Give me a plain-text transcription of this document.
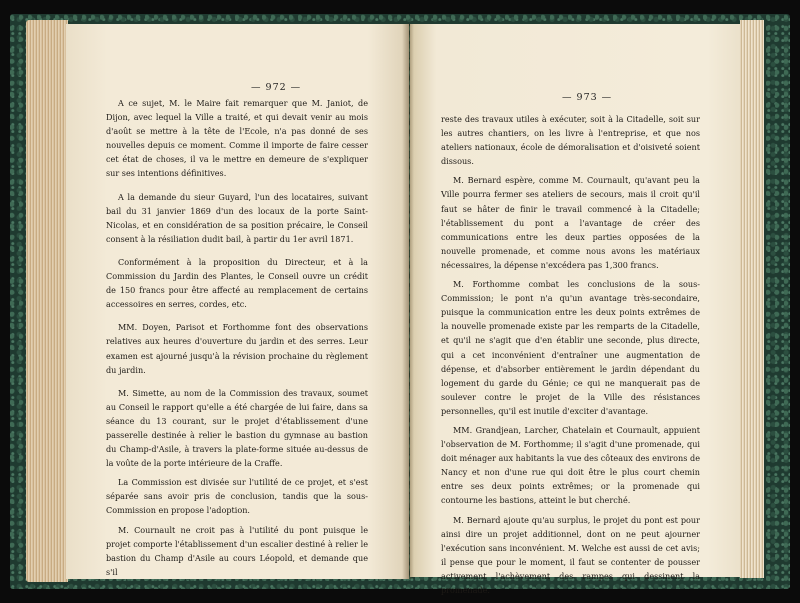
— 972 —

A ce sujet, M. le Maire fait remarquer que M. Janiot, de Dijon, avec lequel la Ville a traité, et qui devait venir au mois d'août se mettre à la tête de l'Ecole, n'a pas donné de ses nouvelles depuis ce moment. Comme il importe de faire cesser cet état de choses, il va le mettre en demeure de s'expliquer sur ses intentions définitives.

A la demande du sieur Guyard, l'un des locataires, suivant bail du 31 janvier 1869 d'un des locaux de la porte Saint-Nicolas, et en considération de sa position précaire, le Conseil consent à la résiliation dudit bail, à partir du 1er avril 1871.

Conformément à la proposition du Directeur, et à la Commission du Jardin des Plantes, le Conseil ouvre un crédit de 150 francs pour être affecté au remplacement de certains accessoires en serres, cordes, etc.

MM. Doyen, Parisot et Forthomme font des observations relatives aux heures d'ouverture du jardin et des serres. Leur examen est ajourné jusqu'à la révision prochaine du règlement du jardin.

M. Simette, au nom de la Commission des travaux, soumet au Conseil le rapport qu'elle a été chargée de lui faire, dans sa séance du 13 courant, sur le projet d'établissement d'une passerelle destinée à relier le bastion du gymnase au bastion du Champ-d'Asile, à travers la plate-forme située au-dessus de la voûte de la porte intérieure de la Craffe.

La Commission est divisée sur l'utilité de ce projet, et s'est séparée sans avoir pris de conclusion, tandis que la sous-Commission en propose l'adoption.

M. Cournault ne croit pas à l'utilité du pont puisque le projet comporte l'établissement d'un escalier destiné à relier le bastion du Champ d'Asile au cours Léopold, et demande que s'il

— 973 —

reste des travaux utiles à exécuter, soit à la Citadelle, soit sur les autres chantiers, on les livre à l'entreprise, et que nos ateliers nationaux, école de démoralisation et d'oisiveté soient dissous.

M. Bernard espère, comme M. Cournault, qu'avant peu la Ville pourra fermer ses ateliers de secours, mais il croit qu'il faut se hâter de finir le travail commencé à la Citadelle; l'établissement du pont a l'avantage de créer des communications entre les deux parties opposées de la nouvelle promenade, et comme nous avons les matériaux nécessaires, la dépense n'excédera pas 1,300 francs.

M. Forthomme combat les conclusions de la sous-Commission; le pont n'a qu'un avantage très-secondaire, puisque la communication entre les deux points extrêmes de la nouvelle promenade existe par les remparts de la Citadelle, et qu'il ne s'agit que d'en établir une seconde, plus directe, qui a cet inconvénient d'entraîner une augmentation de dépense, et d'absorber entièrement le jardin dépendant du logement du garde du Génie; ce qui ne manquerait pas de soulever contre le projet de la Ville des résistances personnelles, qu'il est inutile d'exciter d'avantage.

MM. Grandjean, Larcher, Chatelain et Cournault, appuient l'observation de M. Forthomme; il s'agit d'une promenade, qui doit ménager aux habitants la vue des côteaux des environs de Nancy et non d'une rue qui doit être le plus court chemin entre ses deux points extrêmes; or la promenade qui contourne les bastions, atteint le but cherché.

M. Bernard ajoute qu'au surplus, le projet du pont est pour ainsi dire un projet additionnel, dont on ne peut ajourner l'exécution sans inconvénient. M. Welche est aussi de cet avis; il pense que pour le moment, il faut se contenter de pousser activement l'achèvement des rampes qui dessinent la promenade.
